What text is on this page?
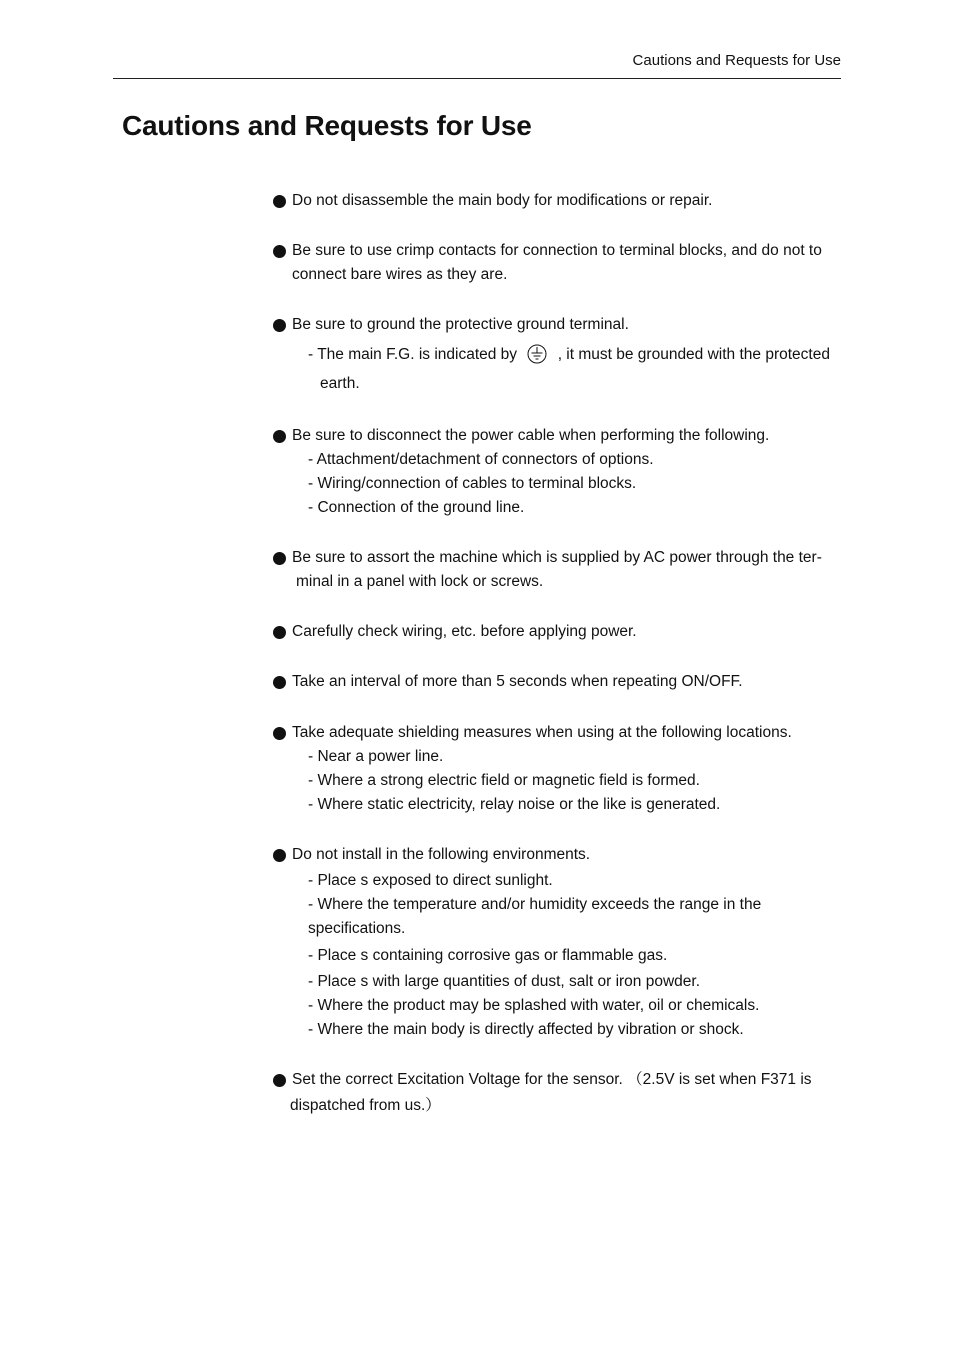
Cautions and Requests for Use
Cautions and Requests for Use
Do not disassemble the main body for modifications or repair.
Be sure to use crimp contacts for connection to terminal blocks, and do not to
connect bare wires as they are.
Be sure to ground the protective ground terminal.
- The main F.G. is indicated by	, it must be grounded with the protected
earth.
Be sure to disconnect the power cable when performing the following.
- Attachment/detachment of connectors of options.
- Wiring/connection of cables to terminal blocks.
- Connection of the ground line.
Be sure to assort the machine which is supplied by AC power through the ter-
minal in a panel with lock or screws.
Carefully check wiring, etc. before applying power.
Take an interval of more than 5 seconds when repeating ON/OFF.
Take adequate shielding measures when using at the following locations.
- Near a power line.
- Where a strong electric field or magnetic field is formed.
- Where static electricity, relay noise or the like is generated.
Do not install in the following environments.
- Place s exposed to direct sunlight.
- Where the temperature and/or humidity exceeds the range in the
specifications.
- Place s containing corrosive gas or flammable gas.
- Place s with large quantities of dust, salt or iron powder.
- Where the product may be splashed with water, oil or chemicals.
- Where the main body is directly affected by vibration or shock.
Set the correct Excitation Voltage for the sensor. （2.5V is set when F371 is
dispatched from us.）
